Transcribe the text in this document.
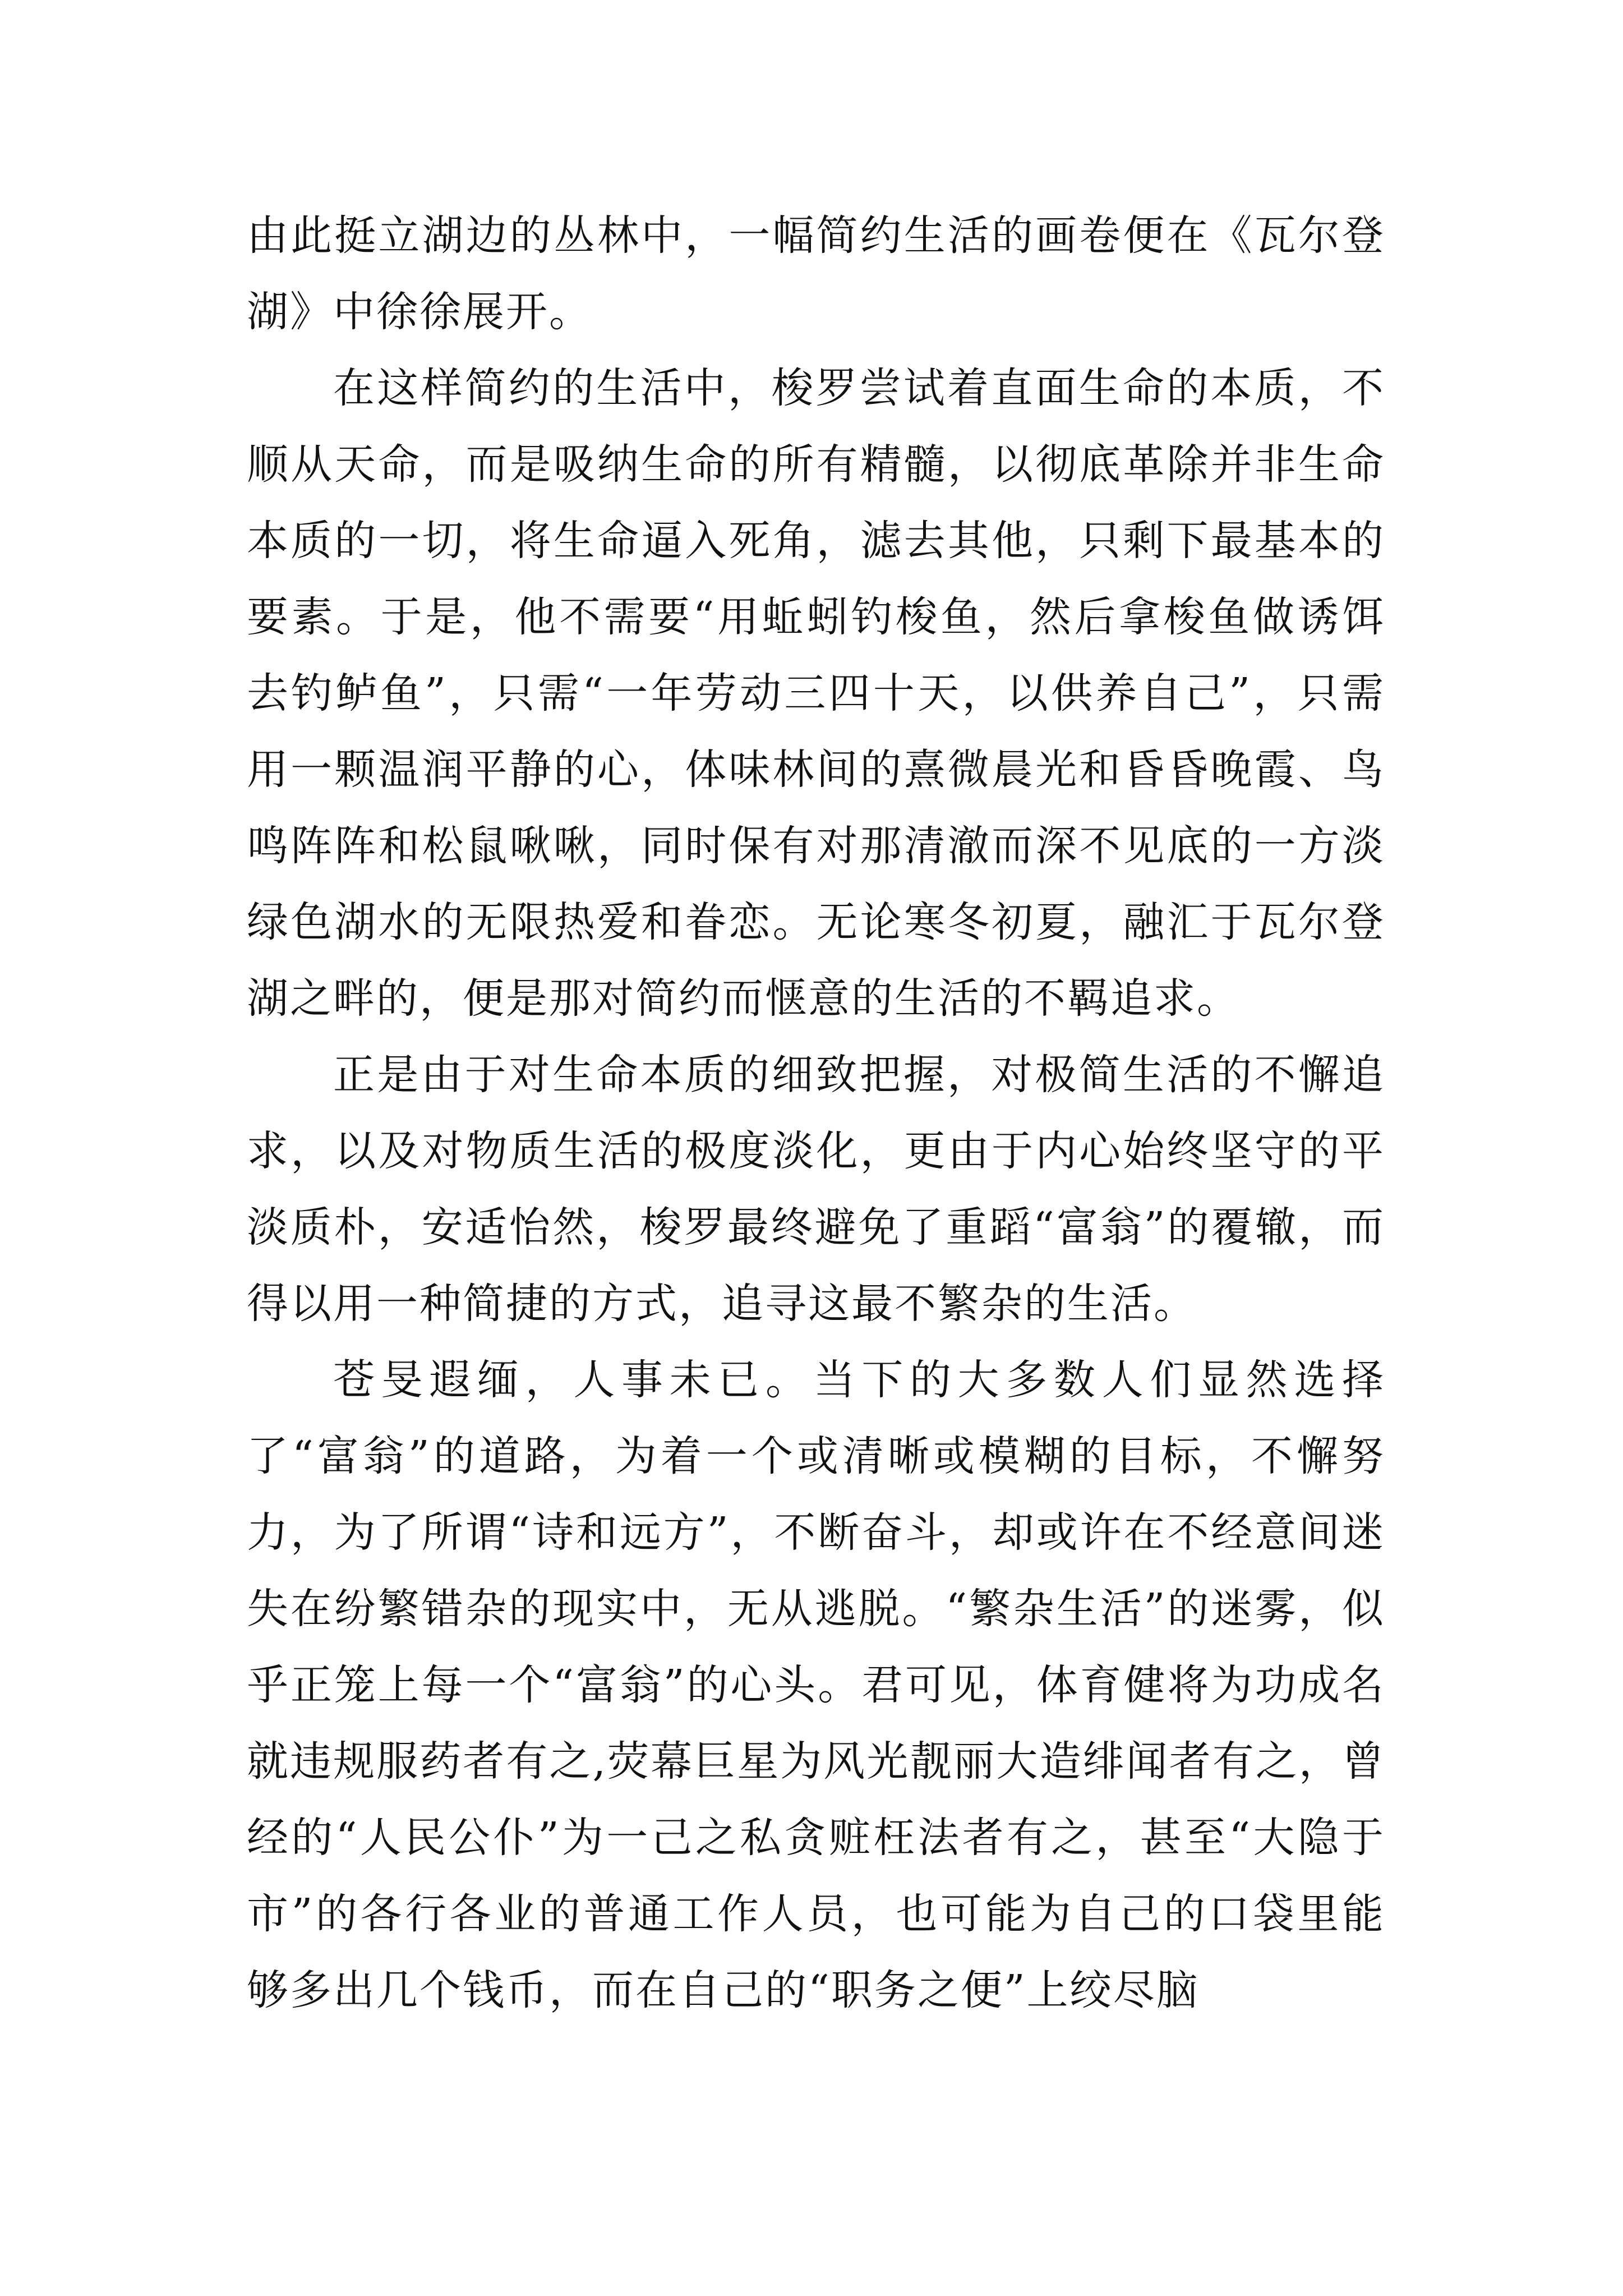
由此挺立湖边的丛林中，一幅简约生活的画卷便在《瓦尔登湖》中徐徐展开。

在这样简约的生活中，梭罗尝试着直面生命的本质，不顺从天命，而是吸纳生命的所有精髓，以彻底革除并非生命本质的一切，将生命逼入死角，滤去其他，只剩下最基本的要素。于是，他不需要“用蚯蚓钓梭鱼，然后拿梭鱼做诱饵去钓鲈鱼”，只需“一年劳动三四十天，以供养自己”，只需用一颗温润平静的心，体味林间的熹微晨光和昏昏晚霞、鸟鸣阵阵和松鼠啾啾，同时保有对那清澈而深不见底的一方淡绿色湖水的无限热爱和眷恋。无论寒冬初夏，融汇于瓦尔登湖之畔的，便是那对简约而惬意的生活的不羁追求。

正是由于对生命本质的细致把握，对极简生活的不懈追求，以及对物质生活的极度淡化，更由于内心始终坚守的平淡质朴，安适怡然，梭罗最终避免了重蹈“富翁”的覆辙，而得以用一种简捷的方式，追寻这最不繁杂的生活。

苍旻遐缅，人事未已。当下的大多数人们显然选择了“富翁”的道路，为着一个或清晰或模糊的目标，不懈努力，为了所谓“诗和远方”，不断奋斗，却或许在不经意间迷失在纷繁错杂的现实中，无从逃脱。“繁杂生活”的迷雾，似乎正笼上每一个“富翁”的心头。君可见，体育健将为功成名就违规服药者有之,荧幕巨星为风光靓丽大造绯闻者有之，曾经的“人民公仆”为一己之私贪赃枉法者有之，甚至“大隐于市”的各行各业的普通工作人员，也可能为自己的口袋里能够多出几个钱币，而在自己的“职务之便”上绞尽脑
